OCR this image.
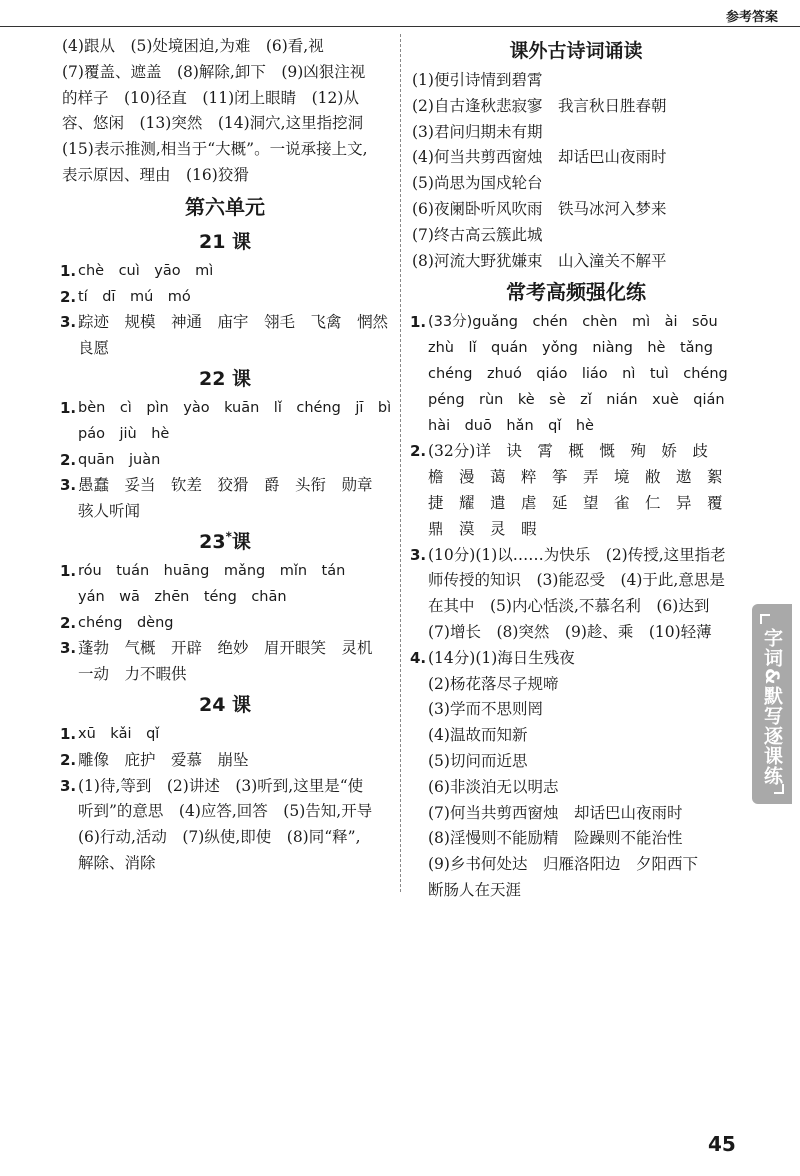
参考答案
(4)跟从　(5)处境困迫,为难　(6)看,视
(7)覆盖、遮盖　(8)解除,卸下　(9)凶狠注视
的样子　(10)径直　(11)闭上眼睛　(12)从
容、悠闲　(13)突然　(14)洞穴,这里指挖洞
(15)表示推测,相当于“大概”。一说承接上文,
表示原因、理由　(16)狡猾
第六单元
21 课
1. chè　cuì　yāo　mì
2. tí　dī　mú　mó
3. 踪迹　规模　神通　庙宇　翎毛　飞禽　惘然
良愿
22 课
1. bèn　cì　pìn　yào　kuān　lǐ　chéng　jī　bì
páo　jiù　hè
2. quān　juàn
3. 愚蠢　妥当　钦差　狡猾　爵　头衔　勋章
骇人听闻
23*课
1. róu　tuán　huāng　mǎng　mǐn　tán
yán　wā　zhēn　téng　chān
2. chéng　dèng
3. 蓬勃　气概　开辟　绝妙　眉开眼笑　灵机
一动　力不暇供
24 课
1. xū　kǎi　qǐ
2. 雕像　庇护　爱慕　崩坠
3. (1)待,等到　(2)讲述　(3)听到,这里是“使
听到”的意思　(4)应答,回答　(5)告知,开导
(6)行动,活动　(7)纵使,即使　(8)同“释”,
解除、消除
课外古诗词诵读
(1)便引诗情到碧霄
(2)自古逢秋悲寂寥　我言秋日胜春朝
(3)君问归期未有期
(4)何当共剪西窗烛　却话巴山夜雨时
(5)尚思为国戍轮台
(6)夜阑卧听风吹雨　铁马冰河入梦来
(7)终古高云簇此城
(8)河流大野犹嫌束　山入潼关不解平
常考高频强化练
1. (33分)guǎng　chén　chèn　mì　ài　sōu
zhù　lǐ　quán　yǒng　niàng　hè　tǎng
chéng　zhuó　qiáo　liáo　nì　tuì　chéng
péng　rùn　kè　sè　zǐ　nián　xuè　qián
hài　duō　hǎn　qǐ　hè
2. (32分)详　诀　霄　概　慨　殉　娇　歧
檐　漫　蔼　粹　筝　弄　境　敝　遨　絮
捷　耀　遣　虐　延　望　雀　仁　异　覆
鼎　漠　灵　暇
3. (10分)(1)以……为快乐　(2)传授,这里指老
师传授的知识　(3)能忍受　(4)于此,意思是
在其中　(5)内心恬淡,不慕名利　(6)达到
(7)增长　(8)突然　(9)趁、乘　(10)轻薄
4. (14分)(1)海日生残夜
(2)杨花落尽子规啼
(3)学而不思则罔
(4)温故而知新
(5)切问而近思
(6)非淡泊无以明志
(7)何当共剪西窗烛　却话巴山夜雨时
(8)淫慢则不能励精　险躁则不能治性
(9)乡书何处达　归雁洛阳边　夕阳西下
断肠人在天涯
字词&默写逐课练
45
